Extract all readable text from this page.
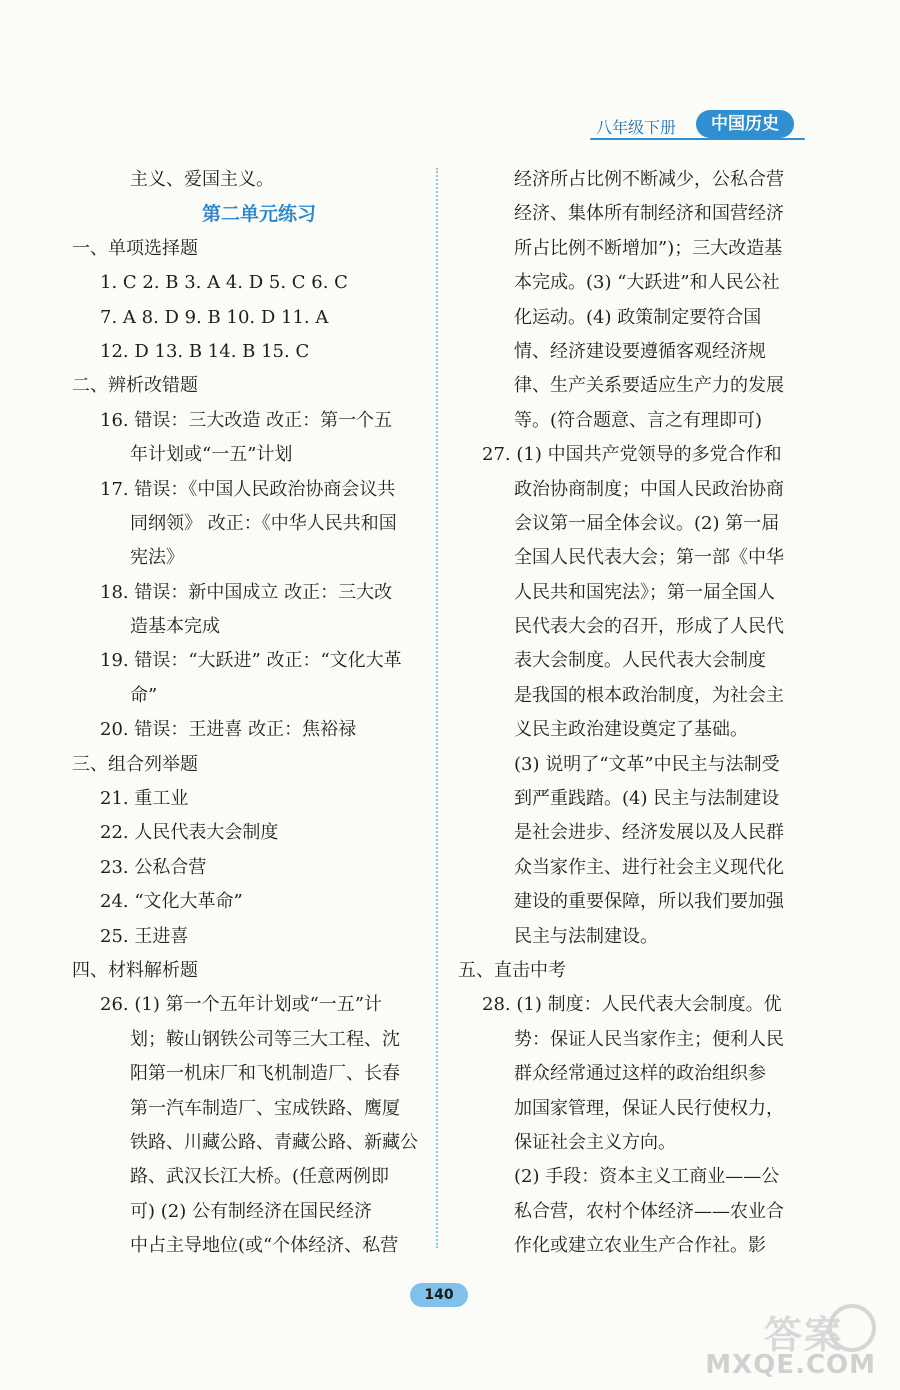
八年级下册	中国历史
主义、爱国主义。
第二单元练习
一、单项选择题
1. C 2. B 3. A 4. D 5. C 6. C
7. A 8. D 9. B 10. D 11. A
12. D 13. B 14. B 15. C
二、辨析改错题
16. 错误：三大改造 改正：第一个五
年计划或“一五”计划
17. 错误：《中国人民政治协商会议共
同纲领》 改正：《中华人民共和国
宪法》
18. 错误：新中国成立 改正：三大改
造基本完成
19. 错误：“大跃进” 改正：“文化大革
命”
20. 错误：王进喜 改正：焦裕禄
三、组合列举题
21. 重工业
22. 人民代表大会制度
23. 公私合营
24. “文化大革命”
25. 王进喜
四、材料解析题
26. (1) 第一个五年计划或“一五”计
划；鞍山钢铁公司等三大工程、沈
阳第一机床厂和飞机制造厂、长春
第一汽车制造厂、宝成铁路、鹰厦
铁路、川藏公路、青藏公路、新藏公
路、武汉长江大桥。(任意两例即
可) (2) 公有制经济在国民经济
中占主导地位(或“个体经济、私营
经济所占比例不断减少，公私合营
经济、集体所有制经济和国营经济
所占比例不断增加”)；三大改造基
本完成。(3) “大跃进”和人民公社
化运动。(4) 政策制定要符合国
情、经济建设要遵循客观经济规
律、生产关系要适应生产力的发展
等。(符合题意、言之有理即可)
27. (1) 中国共产党领导的多党合作和
政治协商制度；中国人民政治协商
会议第一届全体会议。(2) 第一届
全国人民代表大会；第一部《中华
人民共和国宪法》；第一届全国人
民代表大会的召开，形成了人民代
表大会制度。人民代表大会制度
是我国的根本政治制度，为社会主
义民主政治建设奠定了基础。
(3) 说明了“文革”中民主与法制受
到严重践踏。(4) 民主与法制建设
是社会进步、经济发展以及人民群
众当家作主、进行社会主义现代化
建设的重要保障，所以我们要加强
民主与法制建设。
五、直击中考
28. (1) 制度：人民代表大会制度。优
势：保证人民当家作主；便利人民
群众经常通过这样的政治组织参
加国家管理，保证人民行使权力，
保证社会主义方向。
(2) 手段：资本主义工商业——公
私合营，农村个体经济——农业合
作化或建立农业生产合作社。影
140
答案
MXQE.COM
